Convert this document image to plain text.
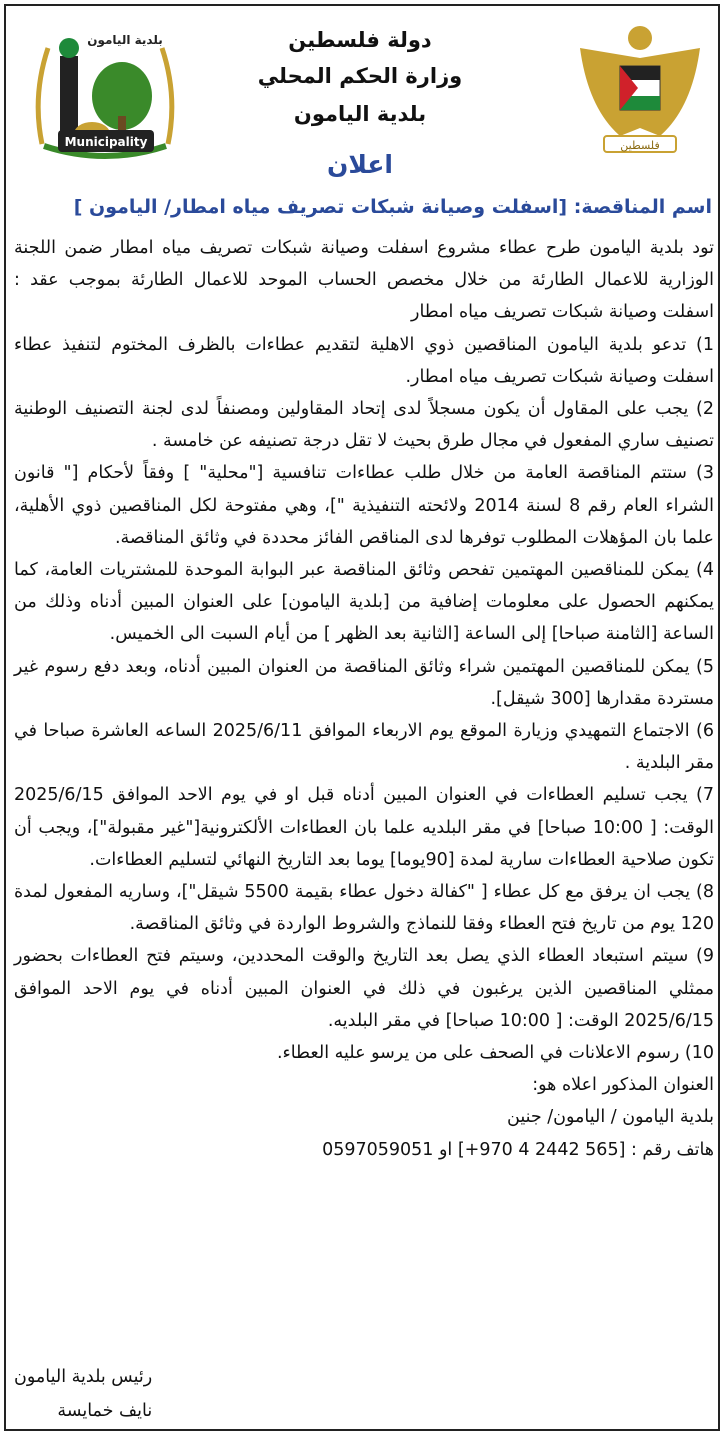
Municipality
بلدية اليامون
فلسطين
دولة فلسطين
وزارة الحكم المحلي
بلدية اليامون
اعلان
اسم المناقصة: [اسفلت وصيانة شبكات تصريف مياه امطار/ اليامون ]

تود بلدية اليامون طرح عطاء مشروع اسفلت وصيانة شبكات تصريف مياه امطار ضمن اللجنة الوزارية للاعمال الطارئة من خلال مخصص الحساب الموحد للاعمال الطارئة بموجب عقد : اسفلت وصيانة شبكات تصريف مياه امطار

1) تدعو بلدية اليامون المناقصين ذوي الاهلية لتقديم عطاءات بالظرف المختوم لتنفيذ عطاء اسفلت وصيانة شبكات تصريف مياه امطار.

2) يجب على المقاول أن يكون مسجلاً لدى إتحاد المقاولين ومصنفاً لدى لجنة التصنيف الوطنية تصنيف ساري المفعول في مجال طرق بحيث لا تقل درجة تصنيفه عن خامسة .

3) ستتم المناقصة العامة من خلال طلب عطاءات تنافسية ["محلية" ] وفقاً لأحكام [" قانون الشراء العام رقم 8 لسنة 2014 ولائحته التنفيذية "]، وهي مفتوحة لكل المناقصين ذوي الأهلية، علما بان المؤهلات المطلوب توفرها لدى المناقص الفائز محددة في وثائق المناقصة.

4) يمكن للمناقصين المهتمين تفحص وثائق المناقصة عبر البوابة الموحدة للمشتريات العامة، كما يمكنهم الحصول على معلومات إضافية من [بلدية اليامون] على العنوان المبين أدناه وذلك من الساعة [الثامنة صباحا] إلى الساعة [الثانية بعد الظهر ] من أيام السبت الى الخميس.

5) يمكن للمناقصين المهتمين شراء وثائق المناقصة من العنوان المبين أدناه، وبعد دفع رسوم غير مستردة مقدارها [300 شيقل].

6) الاجتماع التمهيدي وزيارة الموقع يوم الاربعاء الموافق 2025/6/11 الساعه العاشرة صباحا في مقر البلدية .

7) يجب تسليم العطاءات في العنوان المبين أدناه قبل او في يوم الاحد الموافق 2025/6/15 الوقت: [ 10:00 صباحا] في مقر البلديه علما بان العطاءات الألكترونية["غير مقبولة"]، ويجب أن تكون صلاحية العطاءات سارية لمدة [90يوما] يوما بعد التاريخ النهائي لتسليم العطاءات.

8) يجب ان يرفق مع كل عطاء [ "كفالة دخول عطاء بقيمة 5500 شيقل"]، وساريه المفعول لمدة 120 يوم من تاريخ فتح العطاء وفقا للنماذج والشروط الواردة في وثائق المناقصة.

9) سيتم استبعاد العطاء الذي يصل بعد التاريخ والوقت المحددين، وسيتم فتح العطاءات بحضور ممثلي المناقصين الذين يرغبون في ذلك في العنوان المبين أدناه في يوم الاحد الموافق 2025/6/15 الوقت: [ 10:00 صباحا] في مقر البلديه.

10) رسوم الاعلانات في الصحف على من يرسو عليه العطاء.

العنوان المذكور اعلاه هو:

بلدية اليامون / اليامون/ جنين

هاتف رقم : [565 2442 4 970+] او 0597059051

رئيس بلدية اليامون
نايف خمايسة
